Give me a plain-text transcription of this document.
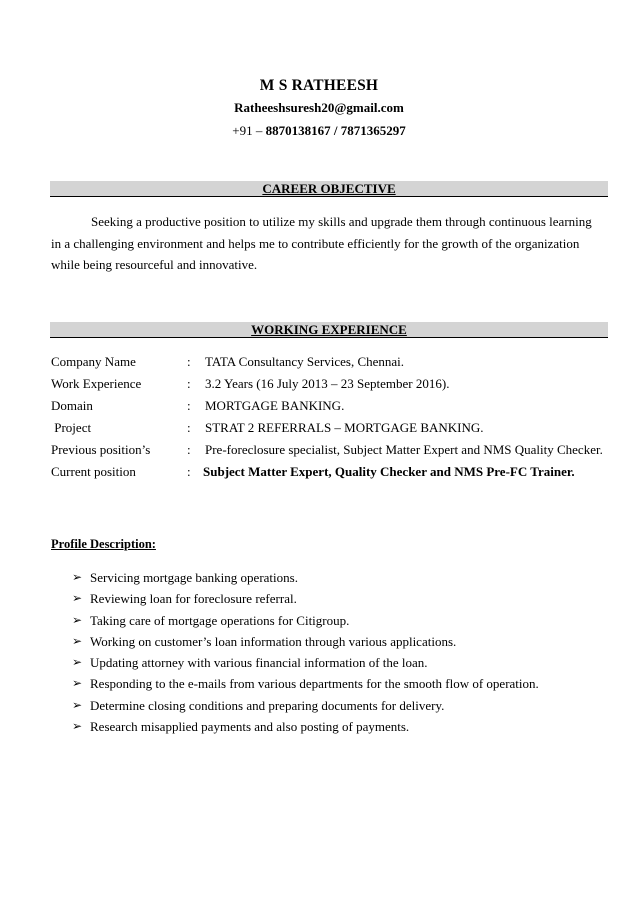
M S RATHEESH
Ratheeshsuresh20@gmail.com
+91 – 8870138167 / 7871365297
CAREER OBJECTIVE
Seeking a productive position to utilize my skills and upgrade them through continuous learning in a challenging environment and helps me to contribute efficiently for the growth of the organization while being resourceful and innovative.
WORKING EXPERIENCE
Company Name	: TATA Consultancy Services, Chennai.
Work Experience	: 3.2 Years (16 July 2013 – 23 September 2016).
Domain	: MORTGAGE BANKING.
Project	: STRAT 2 REFERRALS – MORTGAGE BANKING.
Previous position’s	: Pre-foreclosure specialist, Subject Matter Expert and NMS Quality Checker.
Current position	: Subject Matter Expert, Quality Checker and NMS Pre-FC Trainer.
Profile Description:
➢ Servicing mortgage banking operations.
➢ Reviewing loan for foreclosure referral.
➢ Taking care of mortgage operations for Citigroup.
➢ Working on customer’s loan information through various applications.
➢ Updating attorney with various financial information of the loan.
➢ Responding to the e-mails from various departments for the smooth flow of operation.
➢ Determine closing conditions and preparing documents for delivery.
➢ Research misapplied payments and also posting of payments.
